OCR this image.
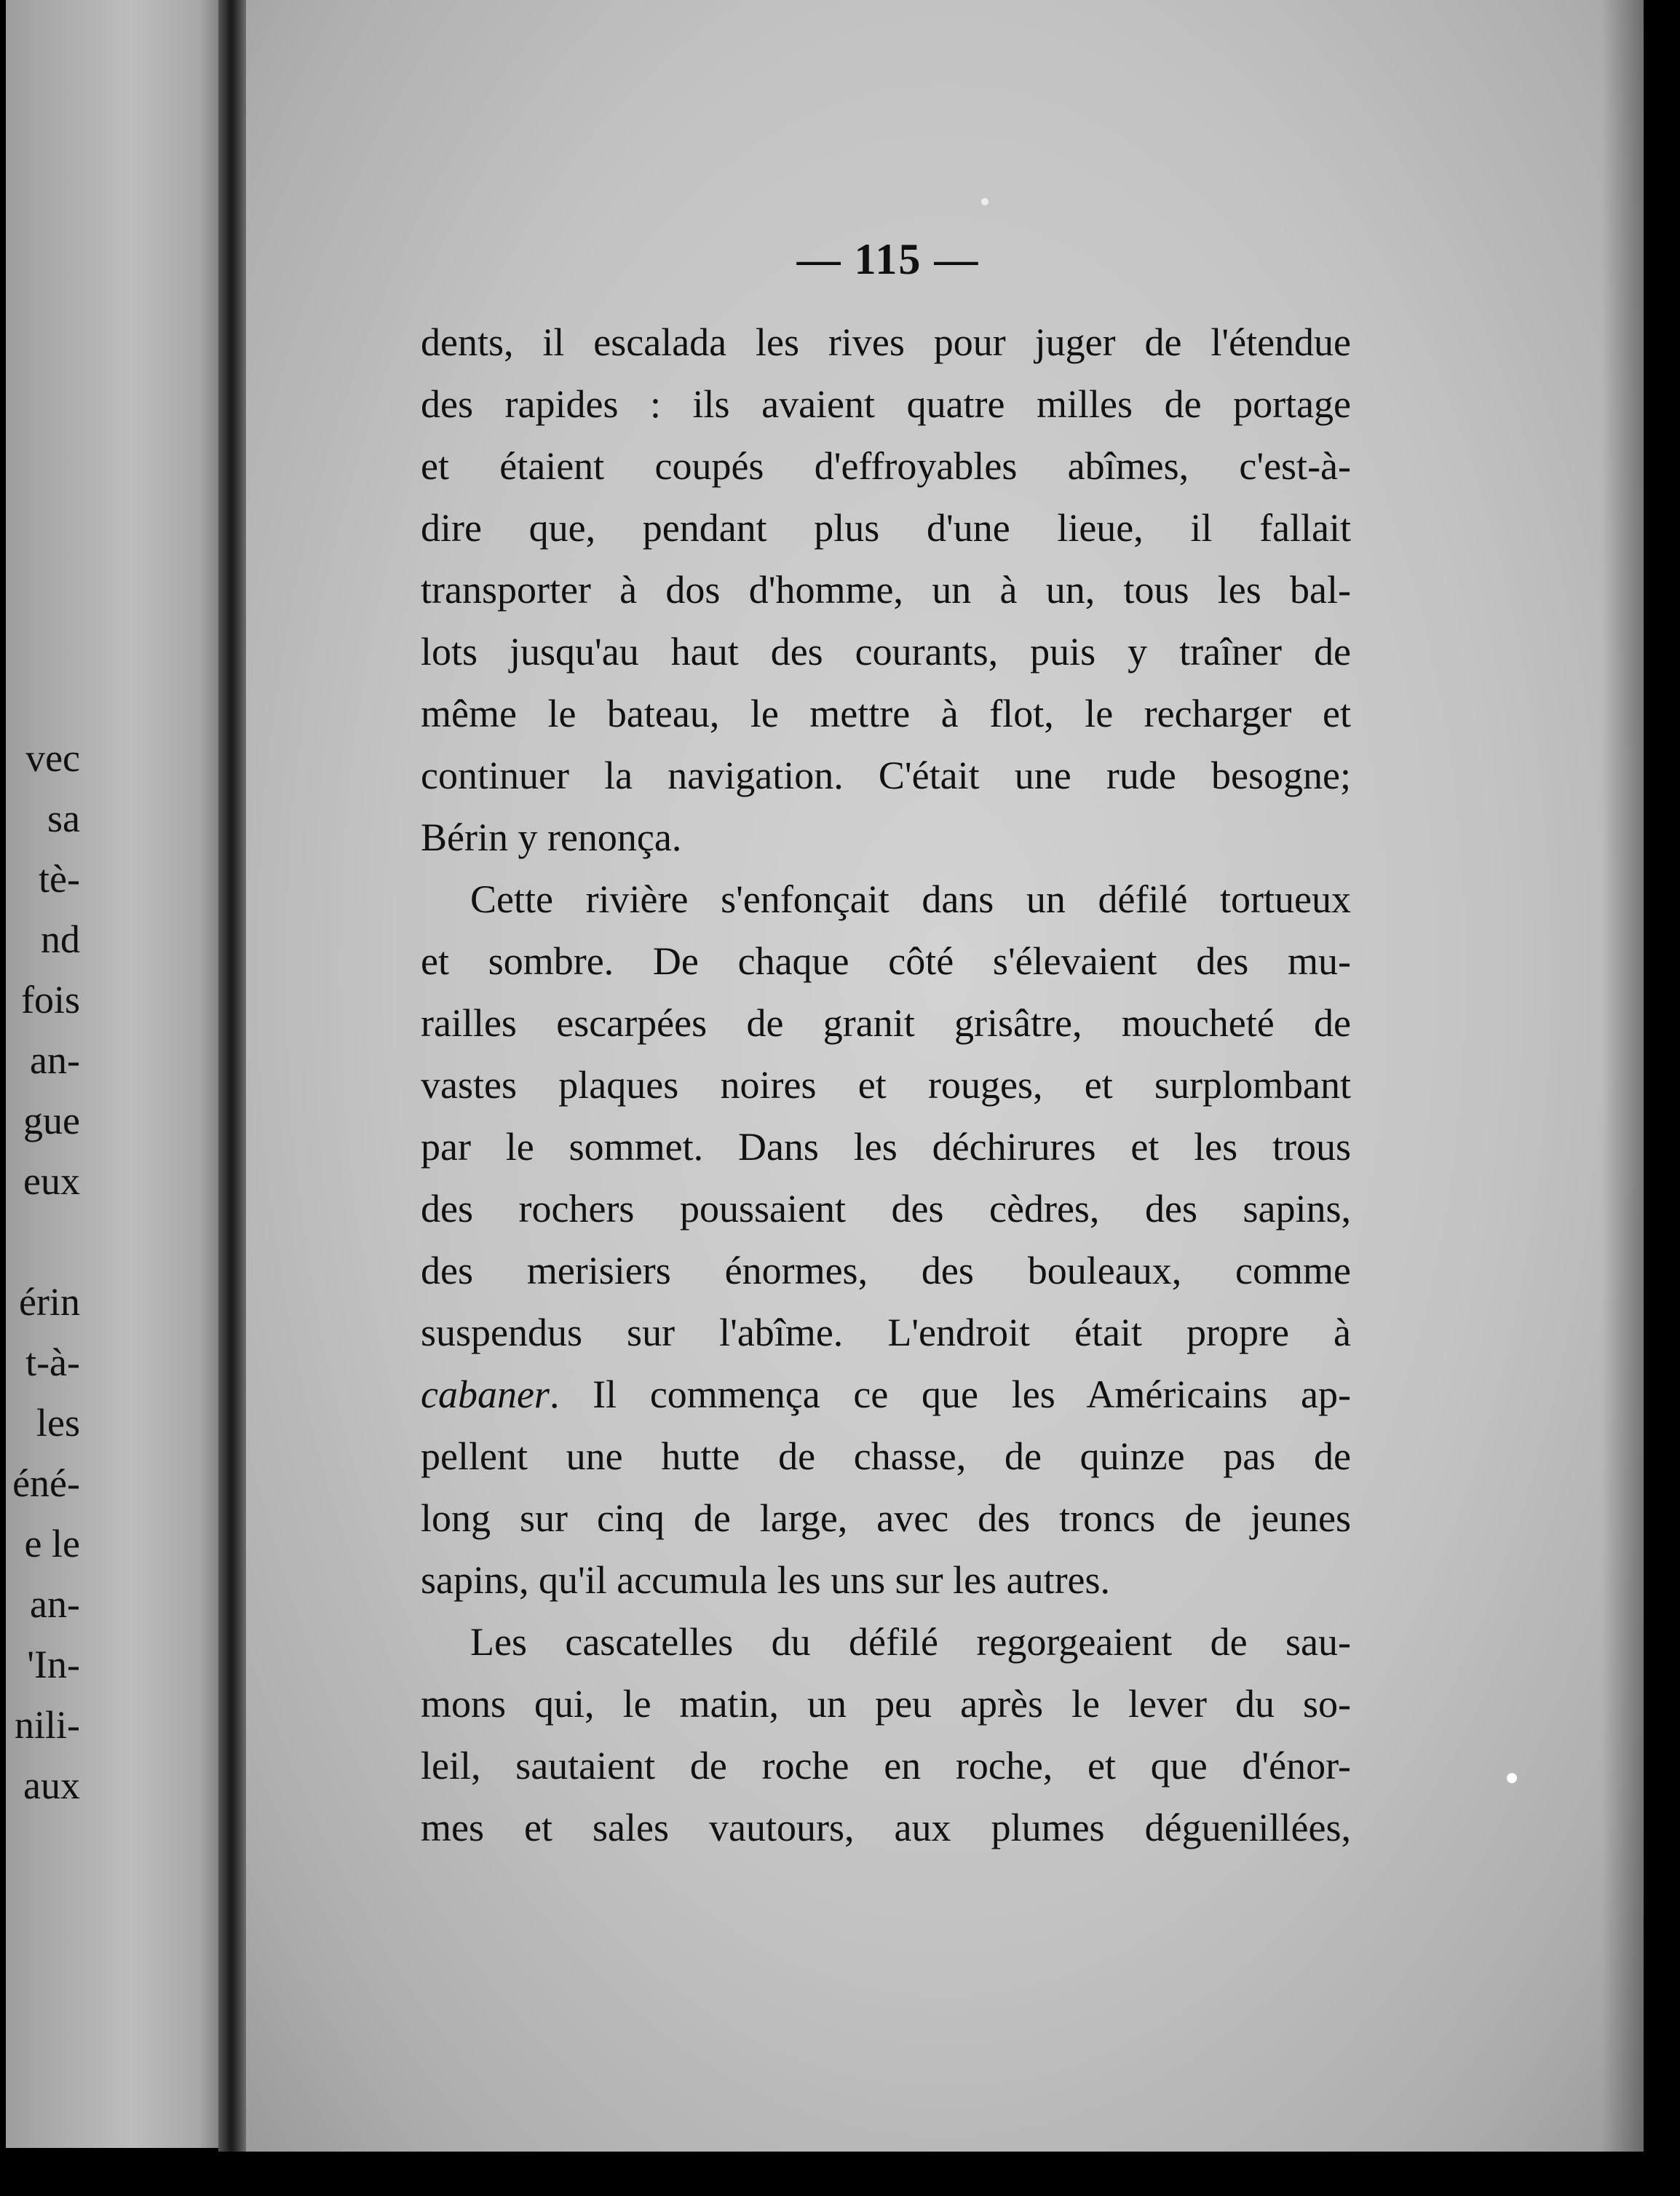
vec
sa
tè-
nd
fois
an-
gue
eux
érin
t-à-
les
éné-
e le
an-
'In-
nili-
aux
— 115 —
dents, il escalada les rives pour juger de l'étendue
des rapides : ils avaient quatre milles de portage
et étaient coupés d'effroyables abîmes, c'est-à-
dire que, pendant plus d'une lieue, il fallait
transporter à dos d'homme, un à un, tous les bal-
lots jusqu'au haut des courants, puis y traîner de
même le bateau, le mettre à flot, le recharger et
continuer la navigation. C'était une rude besogne;
Bérin y renonça.
Cette rivière s'enfonçait dans un défilé tortueux
et sombre. De chaque côté s'élevaient des mu-
railles escarpées de granit grisâtre, moucheté de
vastes plaques noires et rouges, et surplombant
par le sommet. Dans les déchirures et les trous
des rochers poussaient des cèdres, des sapins,
des merisiers énormes, des bouleaux, comme
suspendus sur l'abîme. L'endroit était propre à
cabaner. Il commença ce que les Américains ap-
pellent une hutte de chasse, de quinze pas de
long sur cinq de large, avec des troncs de jeunes
sapins, qu'il accumula les uns sur les autres.
Les cascatelles du défilé regorgeaient de sau-
mons qui, le matin, un peu après le lever du so-
leil, sautaient de roche en roche, et que d'énor-
mes et sales vautours, aux plumes déguenillées,
